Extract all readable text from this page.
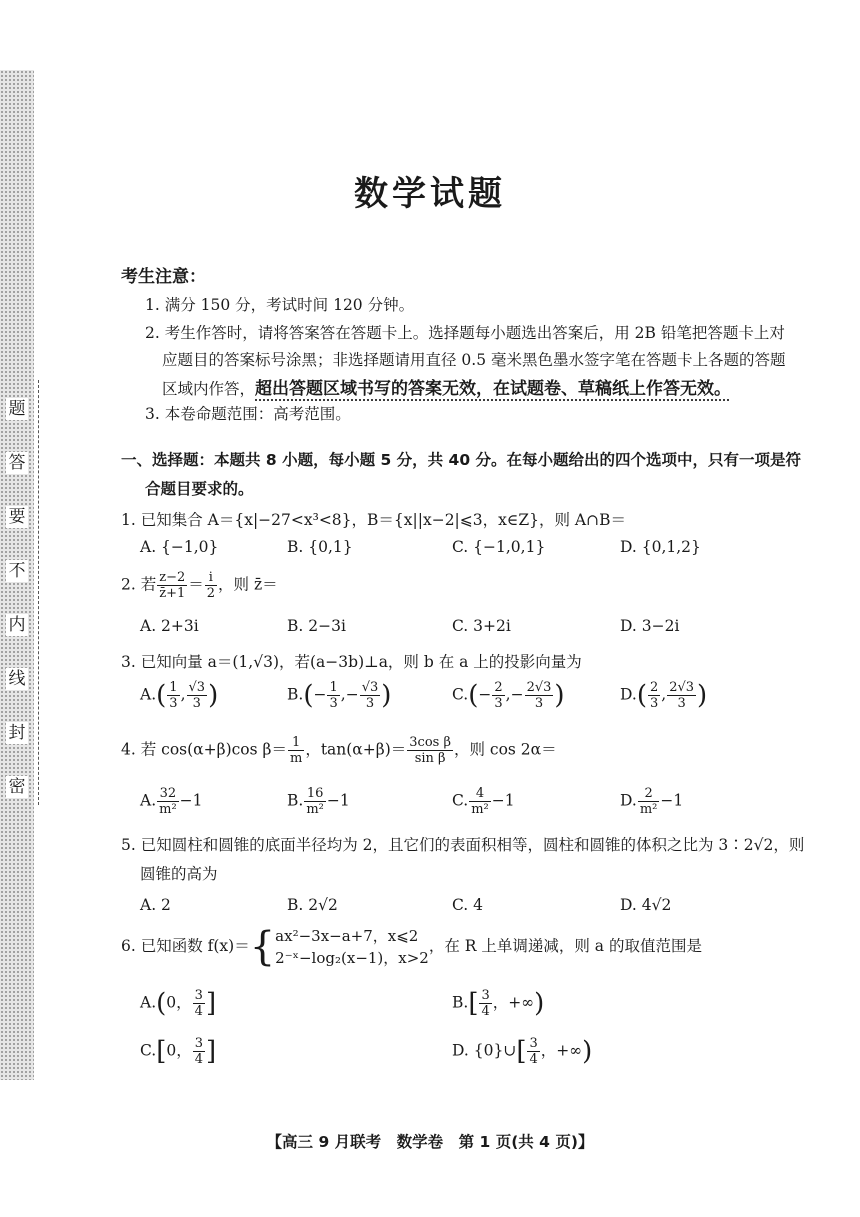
题
答
要
不
内
线
封
密
数学试题
考生注意：
1. 满分 150 分，考试时间 120 分钟。
2. 考生作答时，请将答案答在答题卡上。选择题每小题选出答案后，用 2B 铅笔把答题卡上对
应题目的答案标号涂黑；非选择题请用直径 0.5 毫米黑色墨水签字笔在答题卡上各题的答题
区域内作答，超出答题区域书写的答案无效，在试题卷、草稿纸上作答无效。
3. 本卷命题范围：高考范围。
一、选择题：本题共 8 小题，每小题 5 分，共 40 分。在每小题给出的四个选项中，只有一项是符
合题目要求的。
1. 已知集合 A＝{x|−27<x³<8}，B＝{x||x−2|⩽3，x∈Z}，则 A∩B＝
A. {−1,0}	B. {0,1}	C. {−1,0,1}	D. {0,1,2}
2. 若 $\frac{z-2}{z̄+1} = \frac{i}{2}$ ，则 z̄＝
A. 2+3i	B. 2−3i	C. 3+2i	D. 3−2i
3. 已知向量 a＝(1,√3)，若(a−3b)⊥a，则 b 在 a 上的投影向量为
$A.( \frac{1}{3}$ , $\frac{√3}{3}$ )	$B.(- \frac{1}{3}$ ,− $\frac{√3}{3}$ )	$C.(- \frac{2}{3}$ ,− $\frac{2√3}{3}$ )	$D.( \frac{2}{3}$ , $\frac{2√3}{3}$ )
4. 若 cos(α+β)cos $\beta= \frac{1}{m}$ ，$\tan(\alpha+\beta)= \frac{\text{3cos β}}{\text{sin β}}$ ，则 cos 2α＝
A. $\frac{32}{\text{m²}} -1$	B. $\frac{16}{\text{m²}} -1$	C. $\frac{4}{\text{m²}} -1$	D. $\frac{2}{\text{m²}} -1$
5. 已知圆柱和圆锥的底面半径均为 2，且它们的表面积相等，圆柱和圆锥的体积之比为 3∶2√2，则
圆锥的高为
A. 2	B. 2√2	C. 4	D. 4√2
6. 已知函数 f(x)＝{ ax²−3x−a+7，x⩽2
2⁻ˣ−log₂(x−1)，x>2
，在 R 上单调递减，则 a 的取值范围是
A.(0， $\frac{3}{4}$ ]	$B.[ \frac{3}{4}$ ，+∞)
C.[0， $\frac{3}{4}$ ]	D. {0}∪[ $\frac{3}{4}$ ，+∞)
【高三 9 月联考　数学卷　第 1 页(共 4 页)】
